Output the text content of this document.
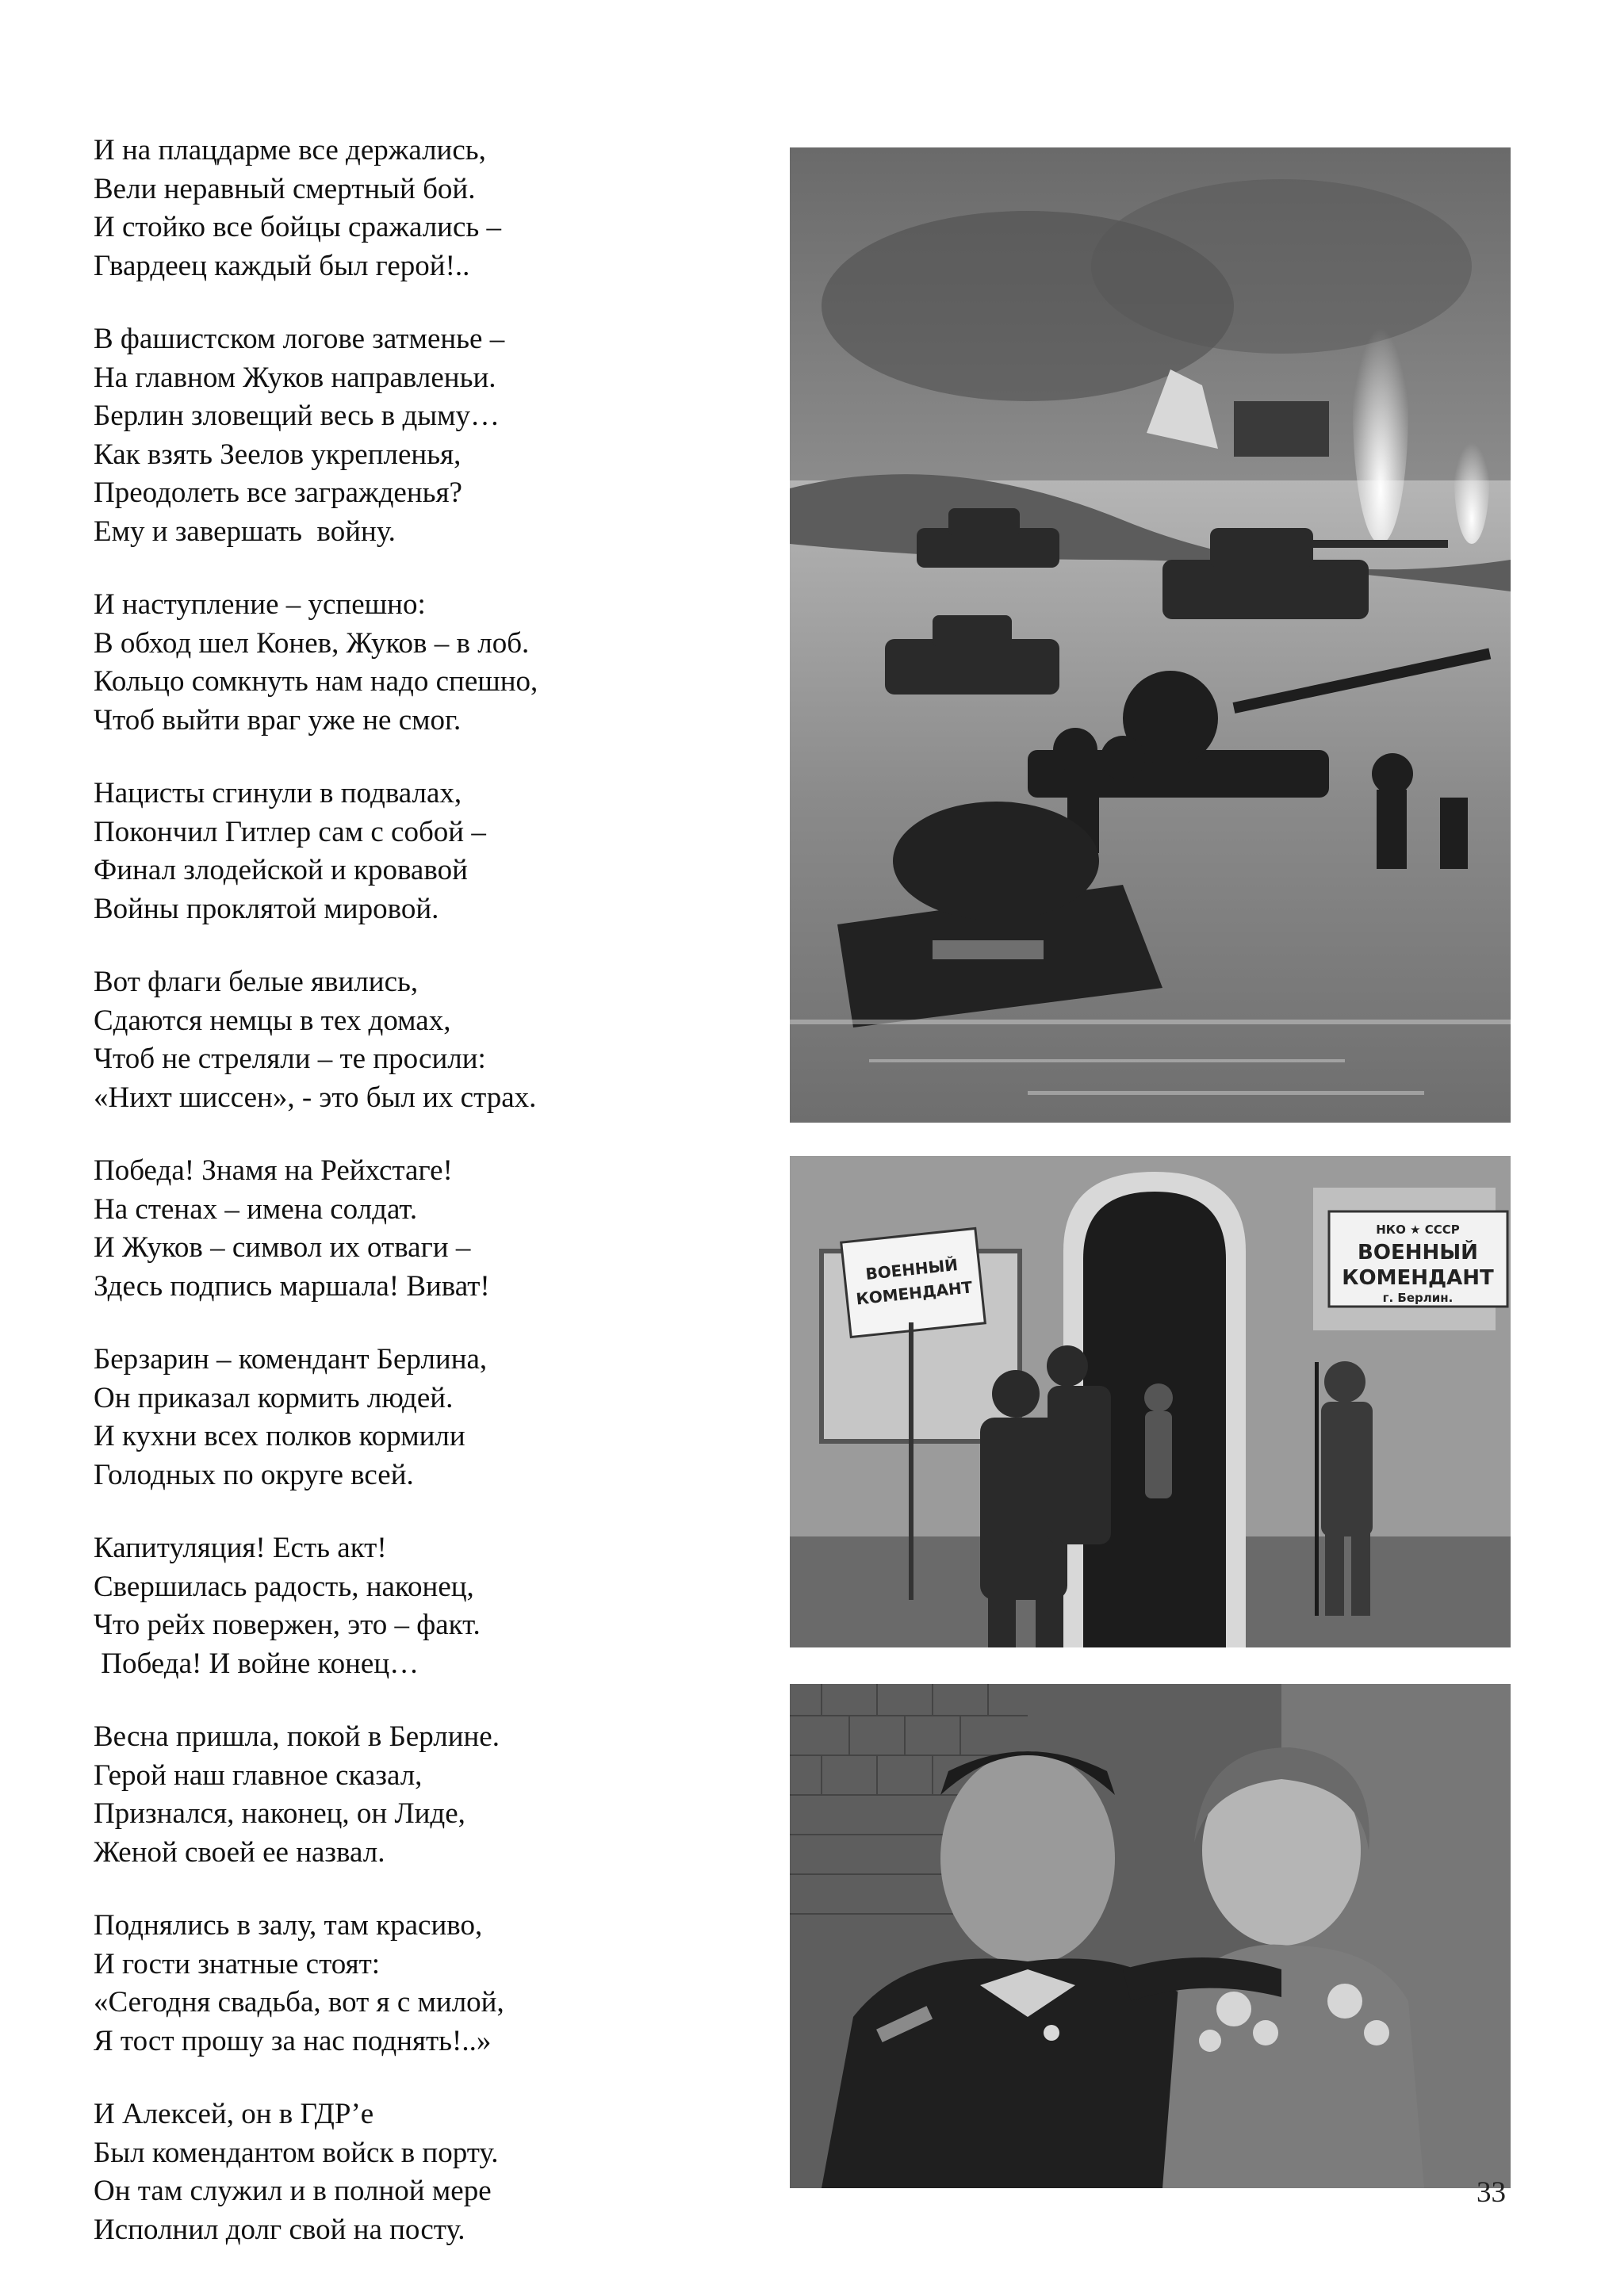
И на плацдарме все держались,
Вели неравный смертный бой.
И стойко все бойцы сражались –
Гвардеец каждый был герой!..
В фашистском логове затменье –
На главном Жуков направленьи.
Берлин зловещий весь в дыму…
Как взять Зеелов укрепленья,
Преодолеть все загражденья?
Ему и завершать  войну.
И наступление – успешно:
В обход шел Конев, Жуков – в лоб.
Кольцо сомкнуть нам надо спешно,
Чтоб выйти враг уже не смог.
Нацисты сгинули в подвалах,
Покончил Гитлер сам с собой –
Финал злодейской и кровавой
Войны проклятой мировой.
Вот флаги белые явились,
Сдаются немцы в тех домах,
Чтоб не стреляли – те просили:
«Нихт шиссен», - это был их страх.
Победа! Знамя на Рейхстаге!
На стенах – имена солдат.
И Жуков – символ их отваги –
Здесь подпись маршала! Виват!
Берзарин – комендант Берлина,
Он приказал кормить людей.
И кухни всех полков кормили
Голодных по округе всей.
Капитуляция! Есть акт!
Свершилась радость, наконец,
Что рейх повержен, это – факт.
Победа! И войне конец…
Весна пришла, покой в Берлине.
Герой наш главное сказал,
Признался, наконец, он Лиде,
Женой своей ее назвал.
Поднялись в залу, там красиво,
И гости знатные стоят:
«Сегодня свадьба, вот я с милой,
Я тост прошу за нас поднять!..»
И Алексей, он в ГДР’е
Был комендантом войск в порту.
Он там служил и в полной мере
Исполнил долг свой на посту.
НКО ★ СССР
ВОЕННЫЙ
КОМЕНДАНТ
г. Берлин.
ВОЕННЫЙ
КОМЕНДАНТ
33
